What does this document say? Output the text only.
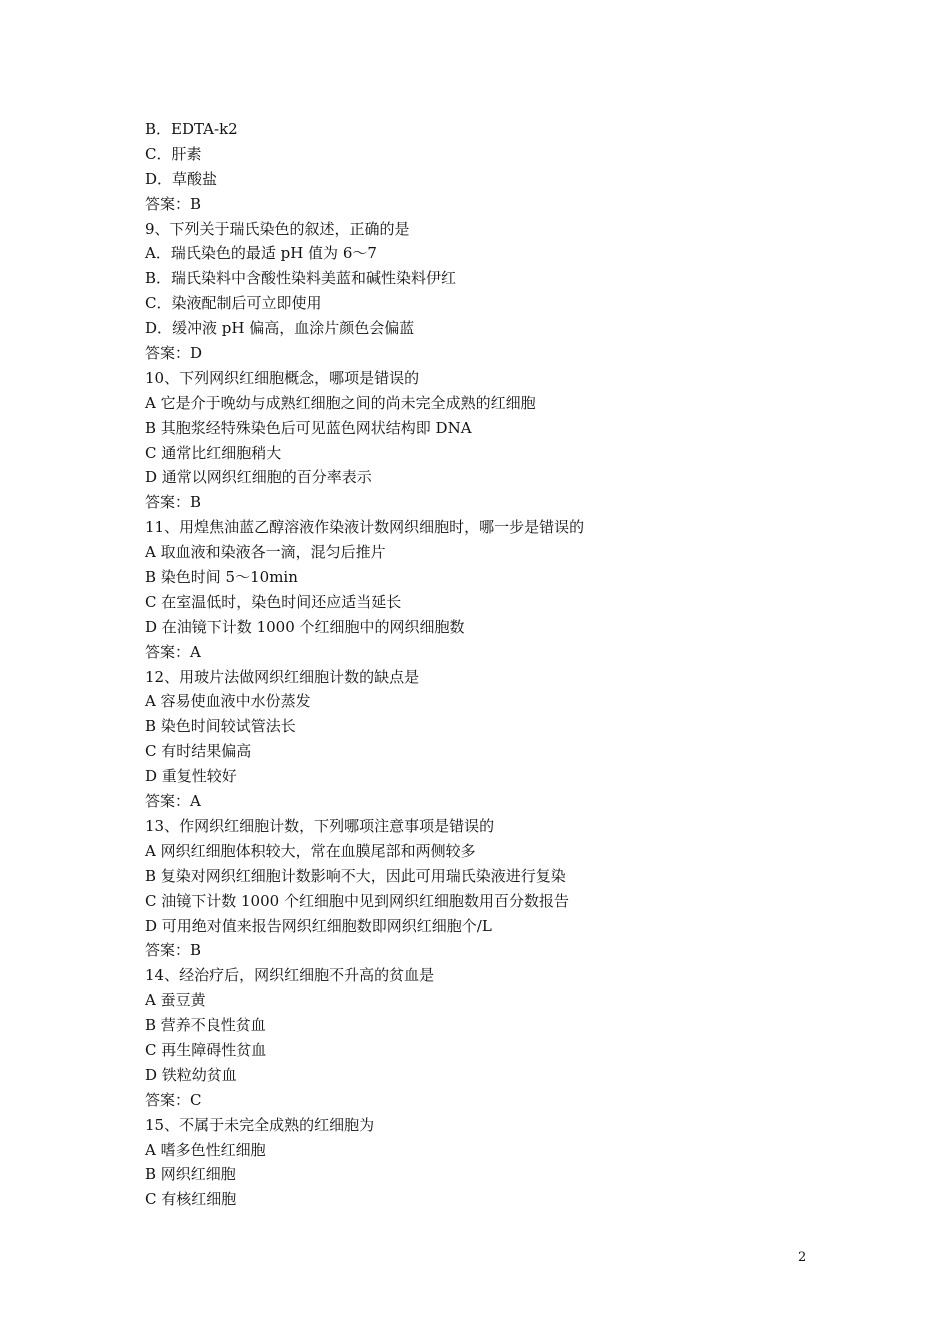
B．EDTA-k2
C．肝素
D．草酸盐
答案：B
9、下列关于瑞氏染色的叙述，正确的是
A．瑞氏染色的最适 pH 值为 6～7
B．瑞氏染料中含酸性染料美蓝和碱性染料伊红
C．染液配制后可立即使用
D．缓冲液 pH 偏高，血涂片颜色会偏蓝
答案：D
10、下列网织红细胞概念，哪项是错误的
A 它是介于晚幼与成熟红细胞之间的尚未完全成熟的红细胞
B 其胞浆经特殊染色后可见蓝色网状结构即 DNA
C 通常比红细胞稍大
D 通常以网织红细胞的百分率表示
答案：B
11、用煌焦油蓝乙醇溶液作染液计数网织细胞时，哪一步是错误的
A 取血液和染液各一滴，混匀后推片
B 染色时间 5～10min
C 在室温低时，染色时间还应适当延长
D 在油镜下计数 1000 个红细胞中的网织细胞数
答案：A
12、用玻片法做网织红细胞计数的缺点是
A 容易使血液中水份蒸发
B 染色时间较试管法长
C 有时结果偏高
D 重复性较好
答案：A
13、作网织红细胞计数，下列哪项注意事项是错误的
A 网织红细胞体积较大，常在血膜尾部和两侧较多
B 复染对网织红细胞计数影响不大，因此可用瑞氏染液进行复染
C 油镜下计数 1000 个红细胞中见到网织红细胞数用百分数报告
D 可用绝对值来报告网织红细胞数即网织红细胞个/L
答案：B
14、经治疗后，网织红细胞不升高的贫血是
A 蚕豆黄
B 营养不良性贫血
C 再生障碍性贫血
D 铁粒幼贫血
答案：C
15、不属于未完全成熟的红细胞为
A 嗜多色性红细胞
B 网织红细胞
C 有核红细胞
2
